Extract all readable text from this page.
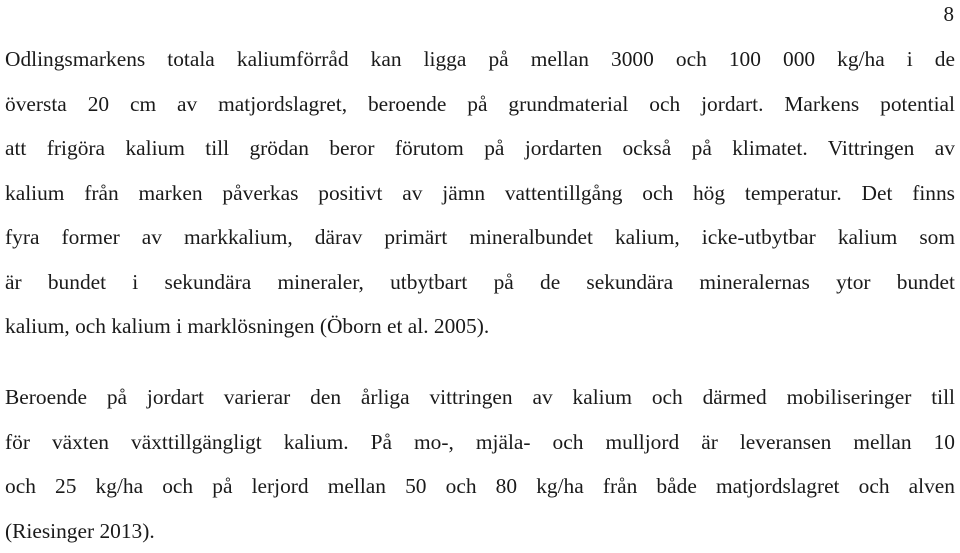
8

Odlingsmarkens totala kaliumförråd kan ligga på mellan 3000 och 100 000 kg/ha i de
översta 20 cm av matjordslagret, beroende på grundmaterial och jordart. Markens potential
att frigöra kalium till grödan beror förutom på jordarten också på klimatet. Vittringen av
kalium från marken påverkas positivt av jämn vattentillgång och hög temperatur. Det finns
fyra former av markkalium, därav primärt mineralbundet kalium, icke-utbytbar kalium som
är bundet i sekundära mineraler, utbytbart på de sekundära mineralernas ytor bundet
kalium, och kalium i marklösningen (Öborn et al. 2005).

Beroende på jordart varierar den årliga vittringen av kalium och därmed mobiliseringer till
för växten växttillgängligt kalium. På mo-, mjäla- och mulljord är leveransen mellan 10
och 25 kg/ha och på lerjord mellan 50 och 80 kg/ha från både matjordslagret och alven
(Riesinger 2013).
